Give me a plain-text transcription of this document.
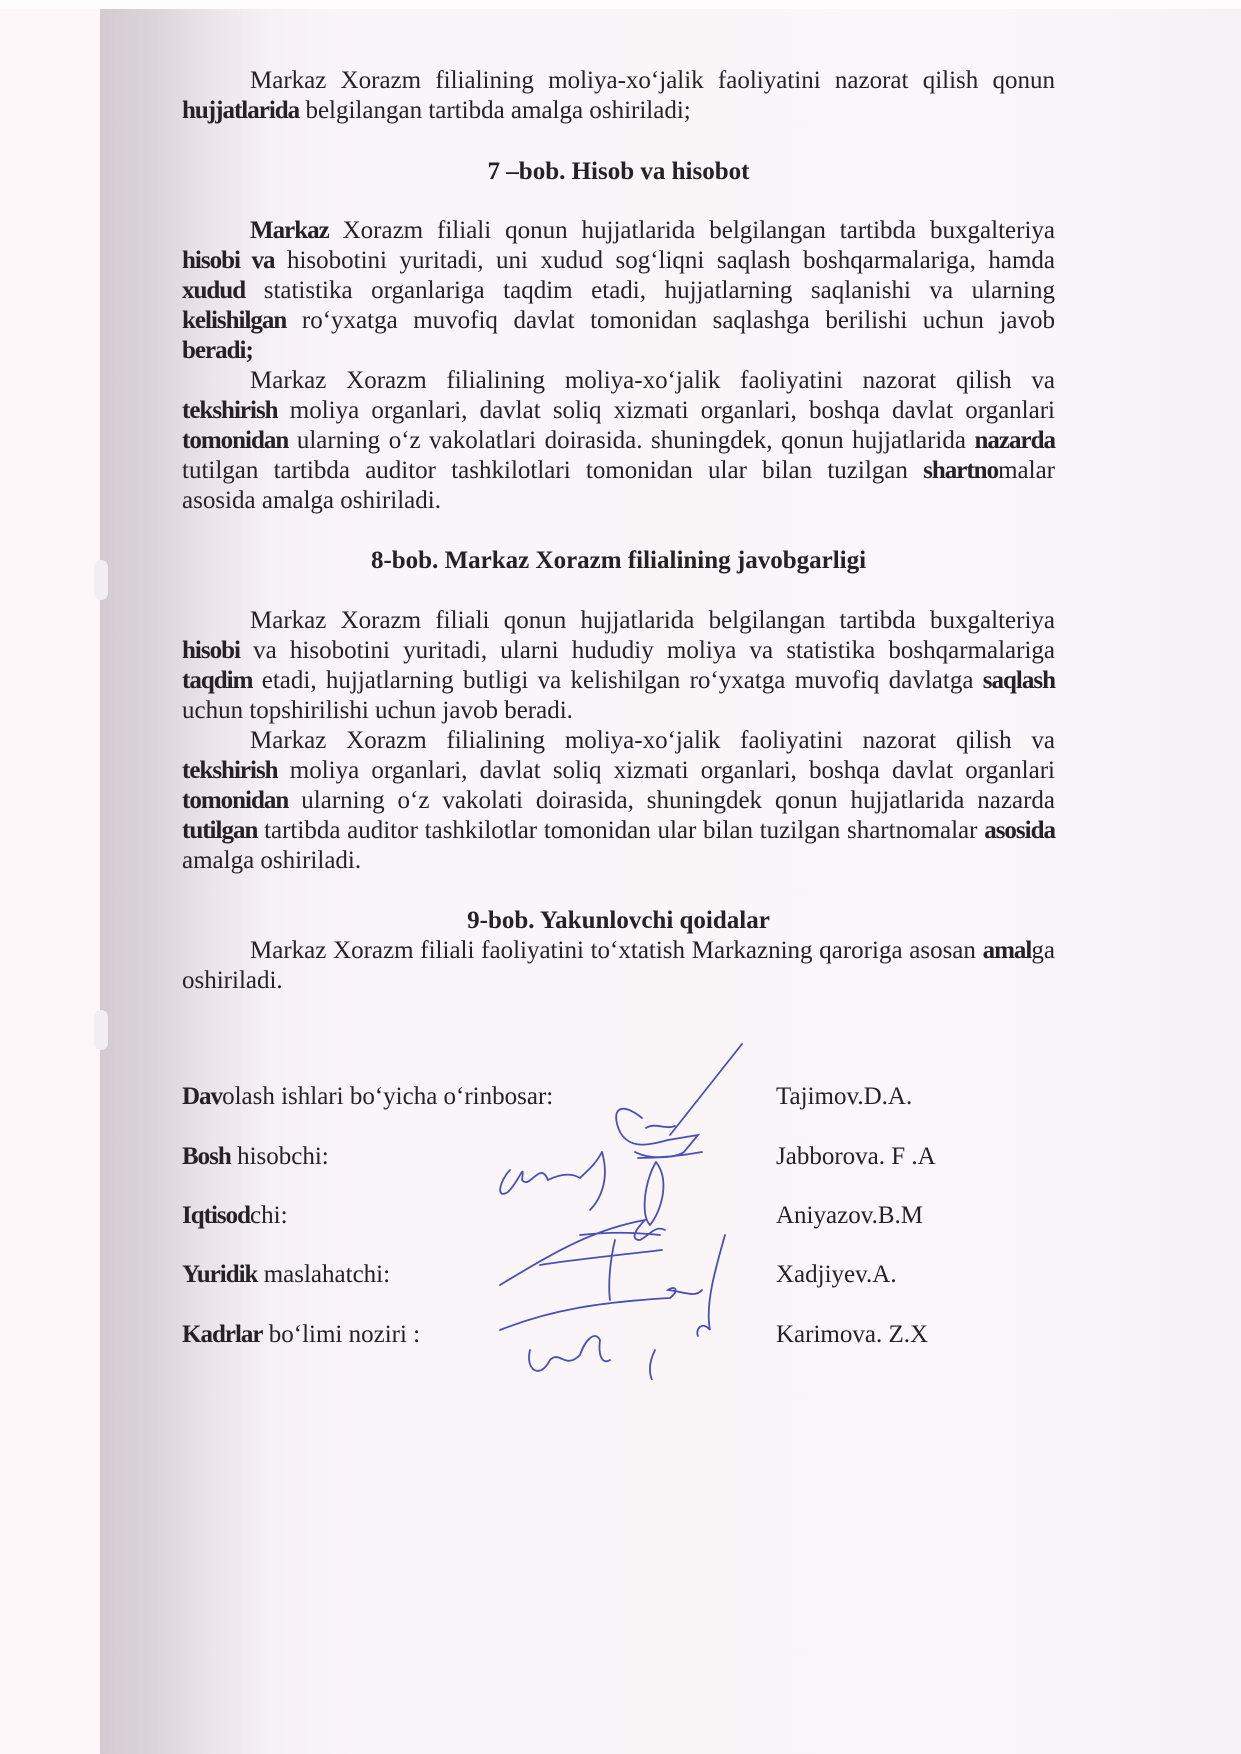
Markaz Xorazm filialining moliya-xo‘jalik faoliyatini nazorat qilish qonun hujjatlarida belgilangan tartibda amalga oshiriladi;

7 –bob. Hisob va hisobot

Markaz Xorazm filiali qonun hujjatlarida belgilangan tartibda buxgalteriya hisobi va hisobotini yuritadi, uni xudud sog‘liqni saqlash boshqarmalariga, hamda xudud statistika organlariga taqdim etadi, hujjatlarning saqlanishi va ularning kelishilgan ro‘yxatga muvofiq davlat tomonidan saqlashga berilishi uchun javob beradi;

Markaz Xorazm filialining moliya-xo‘jalik faoliyatini nazorat qilish va tekshirish moliya organlari, davlat soliq xizmati organlari, boshqa davlat organlari tomonidan ularning o‘z vakolatlari doirasida. shuningdek, qonun hujjatlarida nazarda tutilgan tartibda auditor tashkilotlari tomonidan ular bilan tuzilgan shartnomalar asosida amalga oshiriladi.

8-bob. Markaz Xorazm filialining javobgarligi

Markaz Xorazm filiali qonun hujjatlarida belgilangan tartibda buxgalteriya hisobi va hisobotini yuritadi, ularni hududiy moliya va statistika boshqarmalariga taqdim etadi, hujjatlarning butligi va kelishilgan ro‘yxatga muvofiq davlatga saqlash uchun topshirilishi uchun javob beradi.

Markaz Xorazm filialining moliya-xo‘jalik faoliyatini nazorat qilish va tekshirish moliya organlari, davlat soliq xizmati organlari, boshqa davlat organlari tomonidan ularning o‘z vakolati doirasida, shuningdek qonun hujjatlarida nazarda tutilgan tartibda auditor tashkilotlar tomonidan ular bilan tuzilgan shartnomalar asosida amalga oshiriladi.

9-bob. Yakunlovchi qoidalar

Markaz Xorazm filiali faoliyatini to‘xtatish Markazning qaroriga asosan amalga oshiriladi.

Davolash ishlari bo‘yicha o‘rinbosar:	Tajimov.D.A.
Bosh hisobchi:	Jabborova. F .A
Iqtisodchi:	Aniyazov.B.M
Yuridik maslahatchi:	Xadjiyev.A.
Kadrlar bo‘limi noziri :	Karimova. Z.X
